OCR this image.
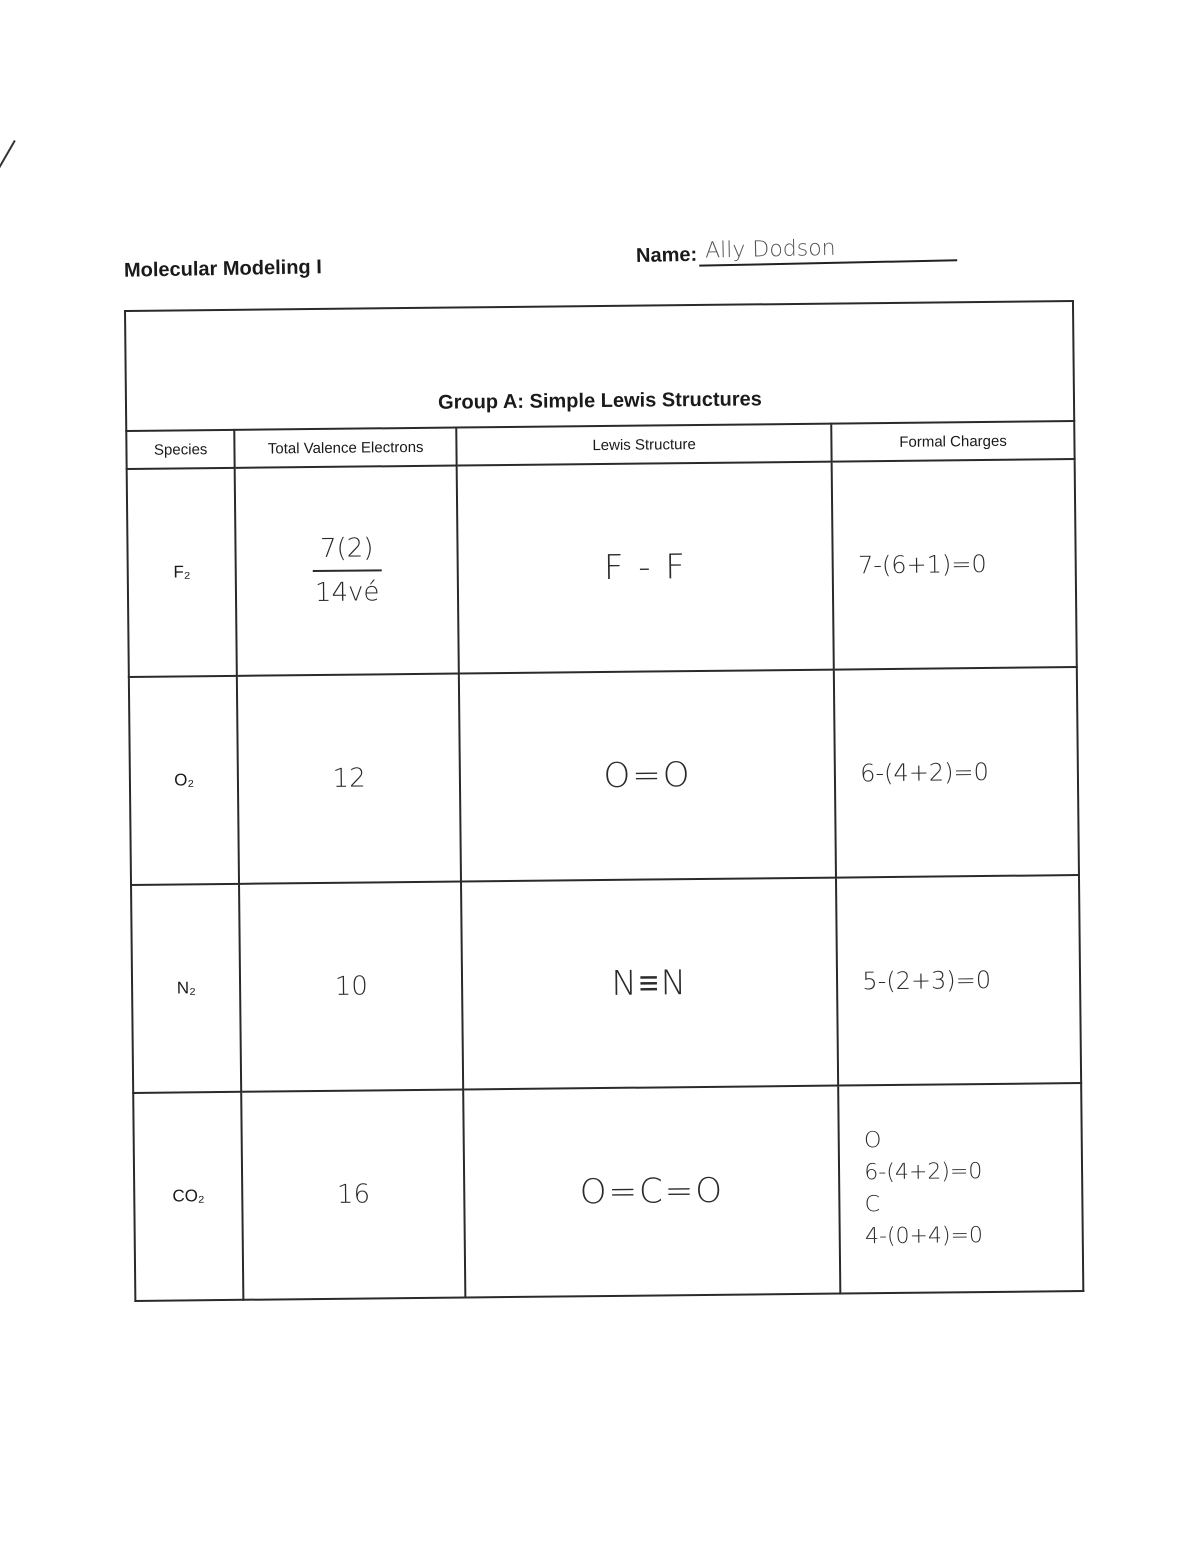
Molecular Modeling I
Name: Ally Dodson
Group A: Simple Lewis Structures			
Species	Total Valence Electrons	Lewis Structure	Formal Charges
F₂	$\frac{7(2)}{14vé}$	F - F	7-(6+1)=0
O₂	12	O=O	6-(4+2)=0
N₂	10	N≡N	5-(2+3)=0
CO₂	16	O=C=O	O
6-(4+2)=0
C
4-(0+4)=0
